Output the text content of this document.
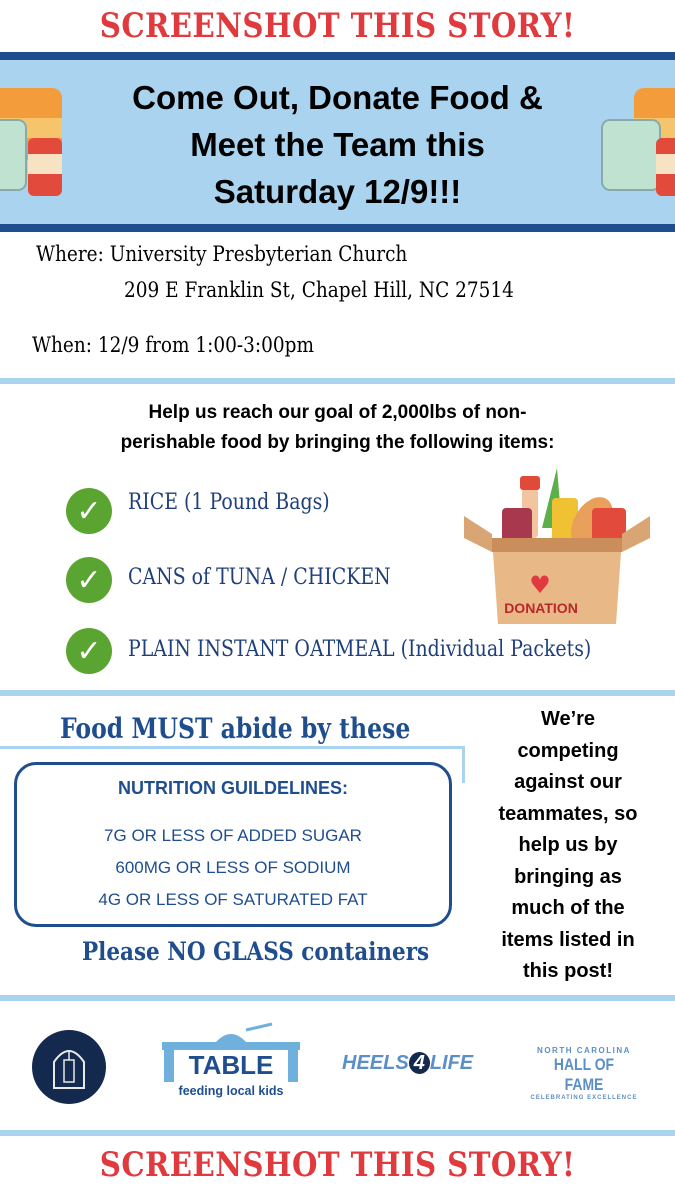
SCREENSHOT THIS STORY!
Come Out, Donate Food &
Meet the Team this
Saturday 12/9!!!
Where: University Presbyterian Church
209 E Franklin St, Chapel Hill, NC 27514
When: 12/9 from 1:00-3:00pm
Help us reach our goal of 2,000lbs of non-
perishable food by bringing the following items:
✓	RICE (1 Pound Bags)
✓	CANS of TUNA / CHICKEN
✓	PLAIN INSTANT OATMEAL (Individual Packets)
♥
DONATION
Food MUST abide by these
NUTRITION GUILDELINES:
7G OR LESS OF ADDED SUGAR
600MG OR LESS OF SODIUM
4G OR LESS OF SATURATED FAT
Please NO GLASS containers
We’re
competing
against our
teammates, so
help us by
bringing as
much of the
items listed in
this post!
TABLE
feeding local kids
HEELS 4 LIFE
NORTH CAROLINA
HALL OF FAME
CELEBRATING EXCELLENCE
SCREENSHOT THIS STORY!
